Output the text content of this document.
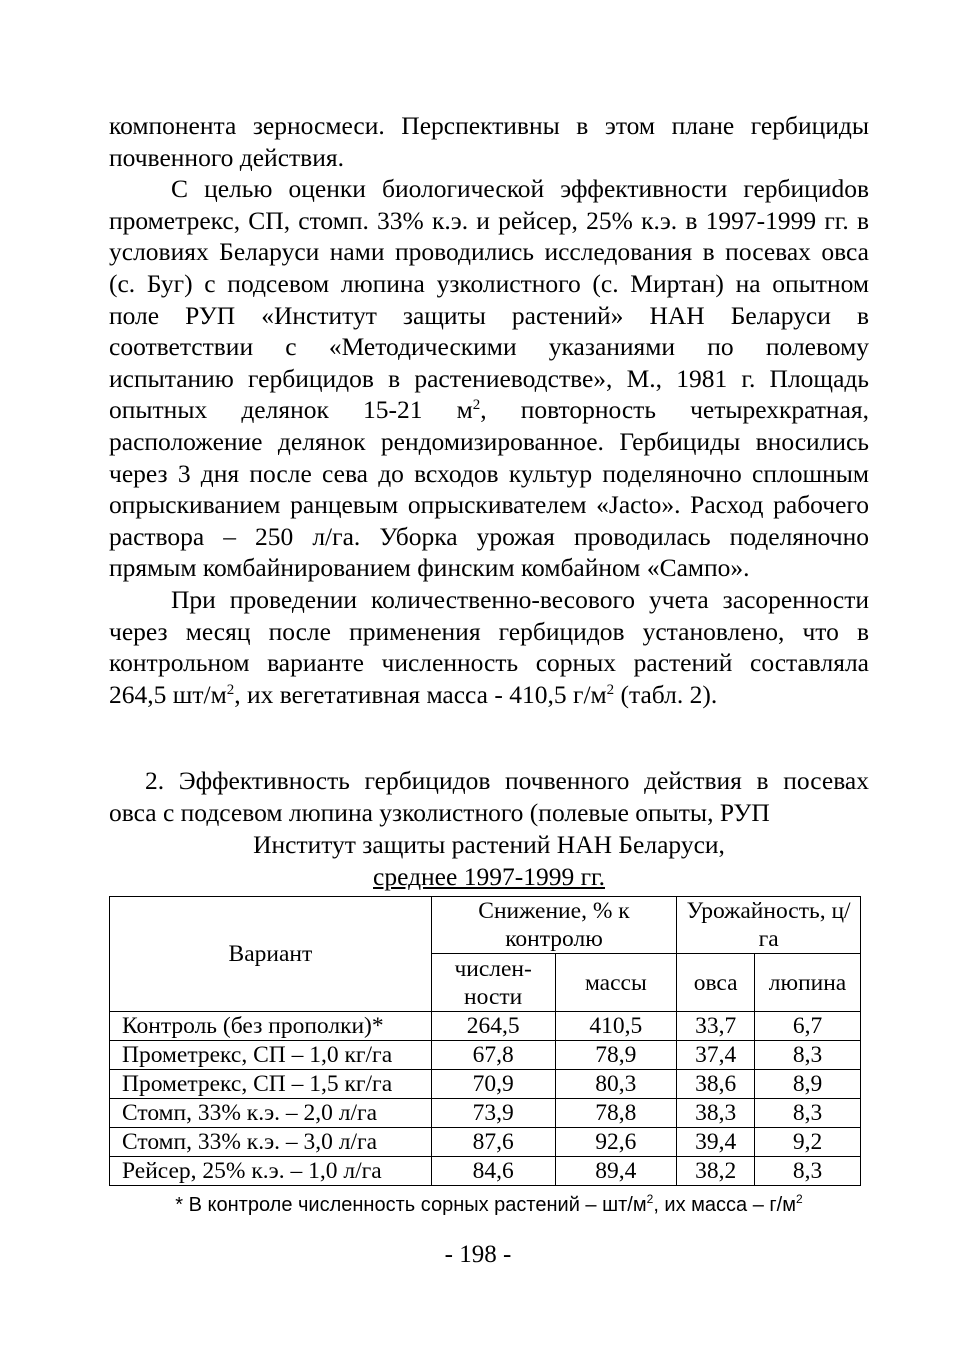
компонента зерносмеси. Перспективны в этом плане гербициды почвенного действия.

С целью оценки биологической эффективности гербициdов прометрекс, СП, стомп. 33% к.э. и рейсер, 25% к.э. в 1997-1999 гг. в условиях Беларуси нами проводились исследования в посевах овса (с. Буг) с подсевом люпина узколистного (с. Миртан) на опытном поле РУП «Институт защиты растений» НАН Беларуси в соответствии с «Методическими указаниями по полевому испытанию гербицидов в растениеводстве», М., 1981 г. Площадь опытных делянок 15-21 $м^2$, повторность четырехкратная, расположение делянок рендомизированное. Гербициды вносились через 3 дня после сева до всходов культур поделяночно сплошным опрыскиванием ранцевым опрыскивателем «Jacto». Расход рабочего раствора – 250 л/га. Уборка урожая проводилась поделяночно прямым комбайнированием финским комбайном «Сампо».

При проведении количественно-весового учета засоренности через месяц после применения гербицидов установлено, что в контрольном варианте численность сорных растений составляла 264,5 $шт/м^2$, их вегетативная масса - 410,5 $г/м^2$ (табл. 2).

2. Эффективность гербицидов почвенного действия в посевах овса с подсевом люпина узколистного (полевые опыты, РУП
Институт защиты растений НАН Беларуси,
среднее 1997-1999 гг.
Вариант	Снижение, % к контролю		Урожайность, ц/га	
	числен-ности	массы	овса	люпина
Контроль (без прополки)*	264,5	410,5	33,7	6,7
Прометрекс, СП – 1,0 кг/га	67,8	78,9	37,4	8,3
Прометрекс, СП – 1,5 кг/га	70,9	80,3	38,6	8,9
Стомп, 33% к.э. – 2,0 л/га	73,9	78,8	38,3	8,3
Стомп, 33% к.э. – 3,0 л/га	87,6	92,6	39,4	9,2
Рейсер, 25% к.э. – 1,0 л/га	84,6	89,4	38,2	8,3
* В контроле численность сорных растений – $шт/м^2$, их масса – $г/м^2$
- 198 -
